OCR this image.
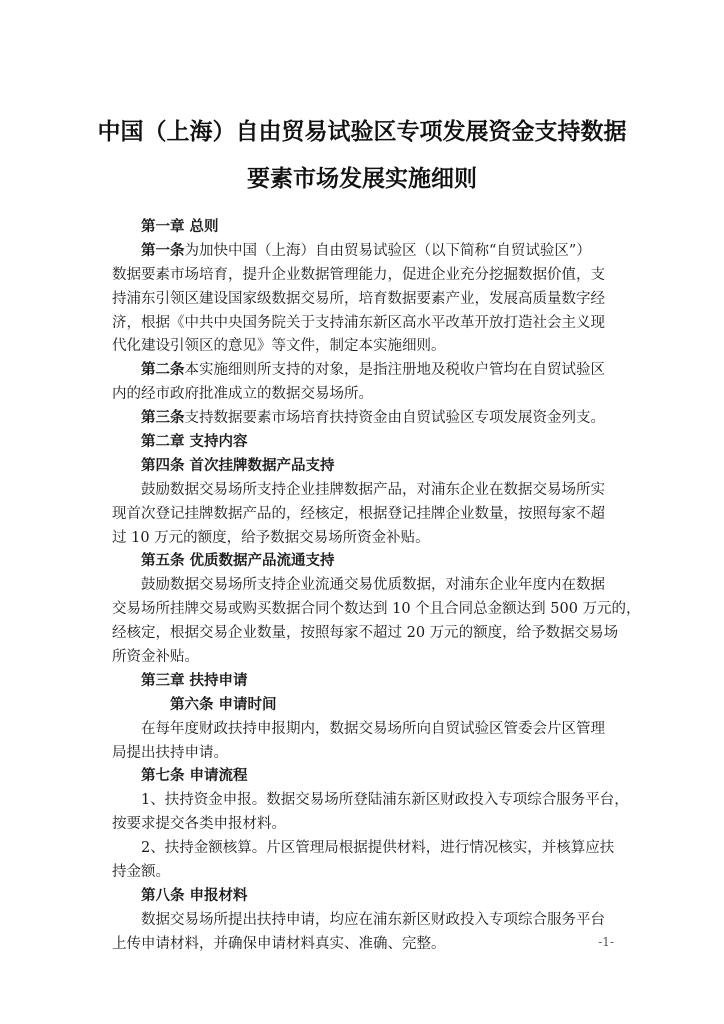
中国（上海）自由贸易试验区专项发展资金支持数据
要素市场发展实施细则
第一章 总则
第一条为加快中国（上海）自由贸易试验区（以下简称“自贸试验区”）
数据要素市场培育，提升企业数据管理能力，促进企业充分挖掘数据价值，支
持浦东引领区建设国家级数据交易所，培育数据要素产业，发展高质量数字经
济，根据《中共中央国务院关于支持浦东新区高水平改革开放打造社会主义现
代化建设引领区的意见》等文件，制定本实施细则。
第二条本实施细则所支持的对象，是指注册地及税收户管均在自贸试验区
内的经市政府批准成立的数据交易场所。
第三条支持数据要素市场培育扶持资金由自贸试验区专项发展资金列支。
第二章 支持内容
第四条 首次挂牌数据产品支持
鼓励数据交易场所支持企业挂牌数据产品，对浦东企业在数据交易场所实
现首次登记挂牌数据产品的，经核定，根据登记挂牌企业数量，按照每家不超
过 10 万元的额度，给予数据交易场所资金补贴。
第五条 优质数据产品流通支持
鼓励数据交易场所支持企业流通交易优质数据，对浦东企业年度内在数据
交易场所挂牌交易或购买数据合同个数达到 10 个且合同总金额达到 500 万元的，
经核定，根据交易企业数量，按照每家不超过 20 万元的额度，给予数据交易场
所资金补贴。
第三章 扶持申请
第六条 申请时间
在每年度财政扶持申报期内，数据交易场所向自贸试验区管委会片区管理
局提出扶持申请。
第七条 申请流程
1、扶持资金申报。数据交易场所登陆浦东新区财政投入专项综合服务平台，
按要求提交各类申报材料。
2、扶持金额核算。片区管理局根据提供材料，进行情况核实，并核算应扶
持金额。
第八条 申报材料
数据交易场所提出扶持申请，均应在浦东新区财政投入专项综合服务平台
上传申请材料，并确保申请材料真实、准确、完整。	-1-
